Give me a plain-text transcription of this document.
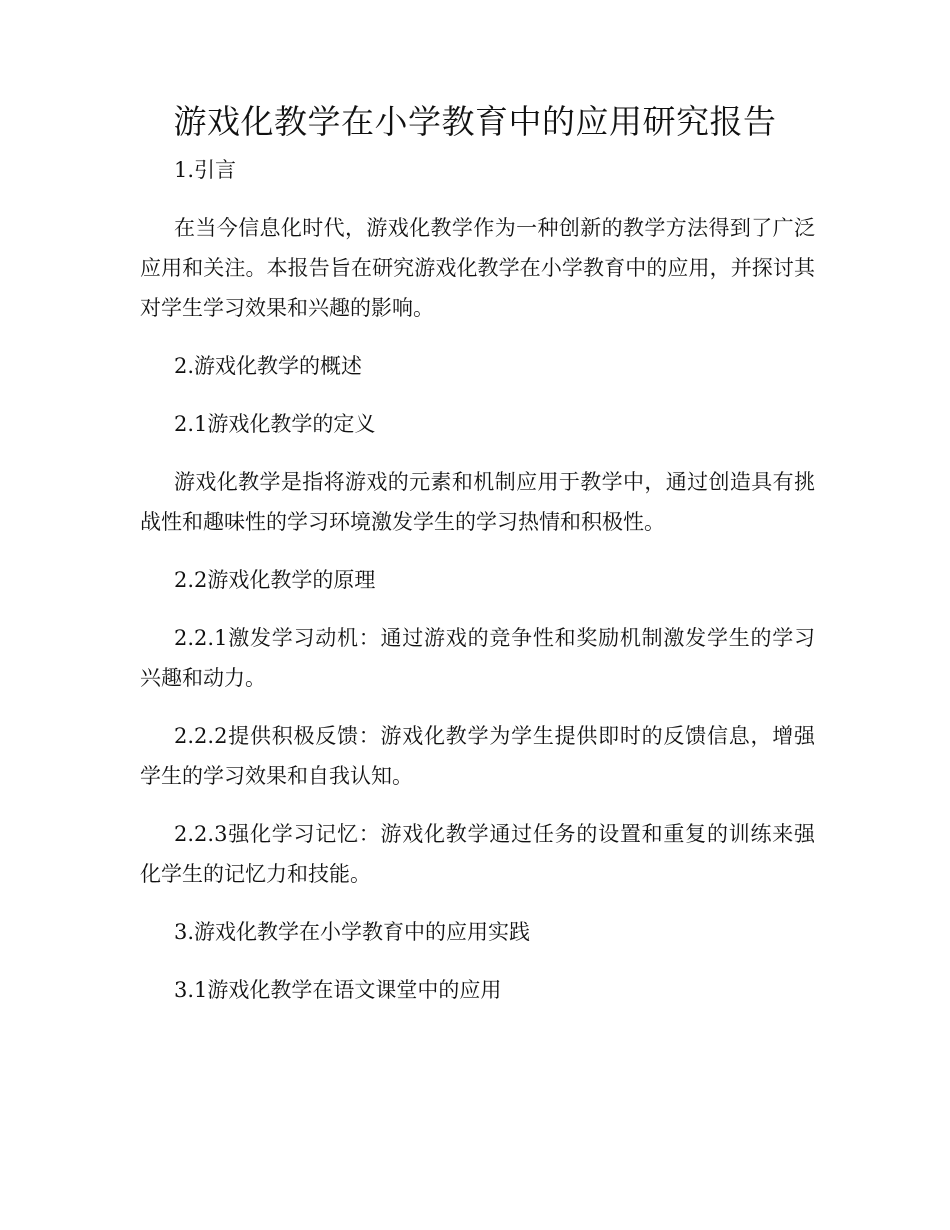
游戏化教学在小学教育中的应用研究报告

1.引言

在当今信息化时代，游戏化教学作为一种创新的教学方法得到了广泛应用和关注。本报告旨在研究游戏化教学在小学教育中的应用，并探讨其对学生学习效果和兴趣的影响。

2.游戏化教学的概述

2.1游戏化教学的定义

游戏化教学是指将游戏的元素和机制应用于教学中，通过创造具有挑战性和趣味性的学习环境激发学生的学习热情和积极性。

2.2游戏化教学的原理

2.2.1激发学习动机：通过游戏的竞争性和奖励机制激发学生的学习兴趣和动力。

2.2.2提供积极反馈：游戏化教学为学生提供即时的反馈信息，增强学生的学习效果和自我认知。

2.2.3强化学习记忆：游戏化教学通过任务的设置和重复的训练来强化学生的记忆力和技能。

3.游戏化教学在小学教育中的应用实践

3.1游戏化教学在语文课堂中的应用
